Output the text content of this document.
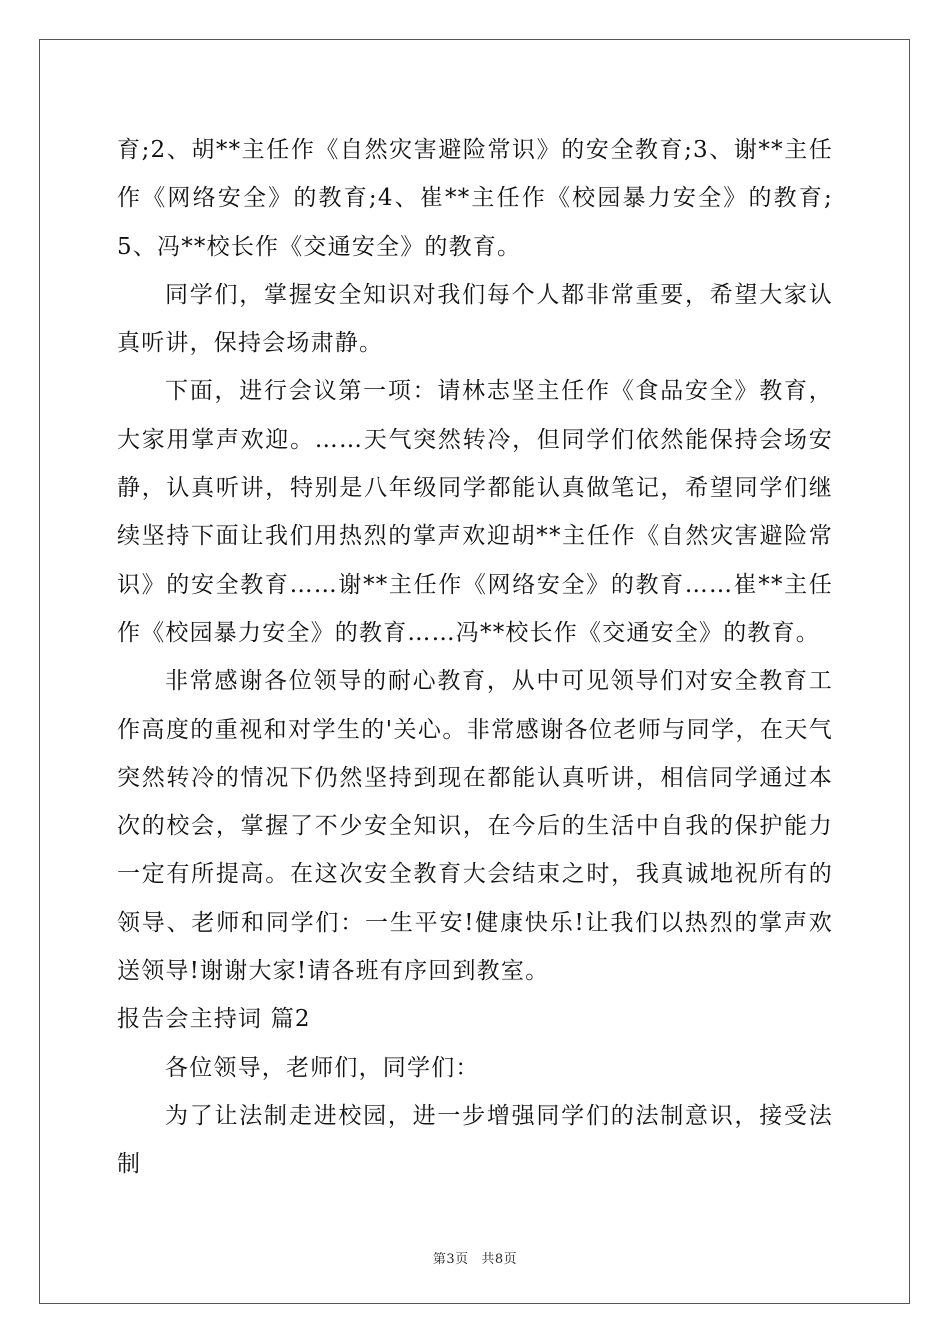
育;2、胡**主任作《自然灾害避险常识》的安全教育;3、谢**主任作《网络安全》的教育;4、崔**主任作《校园暴力安全》的教育;5、冯**校长作《交通安全》的教育。

同学们，掌握安全知识对我们每个人都非常重要，希望大家认真听讲，保持会场肃静。

下面，进行会议第一项：请林志坚主任作《食品安全》教育，大家用掌声欢迎。……天气突然转冷，但同学们依然能保持会场安静，认真听讲，特别是八年级同学都能认真做笔记，希望同学们继续坚持下面让我们用热烈的掌声欢迎胡**主任作《自然灾害避险常识》的安全教育……谢**主任作《网络安全》的教育……崔**主任作《校园暴力安全》的教育……冯**校长作《交通安全》的教育。

非常感谢各位领导的耐心教育，从中可见领导们对安全教育工作高度的重视和对学生的'关心。非常感谢各位老师与同学，在天气突然转冷的情况下仍然坚持到现在都能认真听讲，相信同学通过本次的校会，掌握了不少安全知识，在今后的生活中自我的保护能力一定有所提高。在这次安全教育大会结束之时，我真诚地祝所有的领导、老师和同学们：一生平安!健康快乐!让我们以热烈的掌声欢送领导!谢谢大家!请各班有序回到教室。

报告会主持词 篇2

各位领导，老师们，同学们：

为了让法制走进校园，进一步增强同学们的法制意识，接受法制

第3页 共8页
